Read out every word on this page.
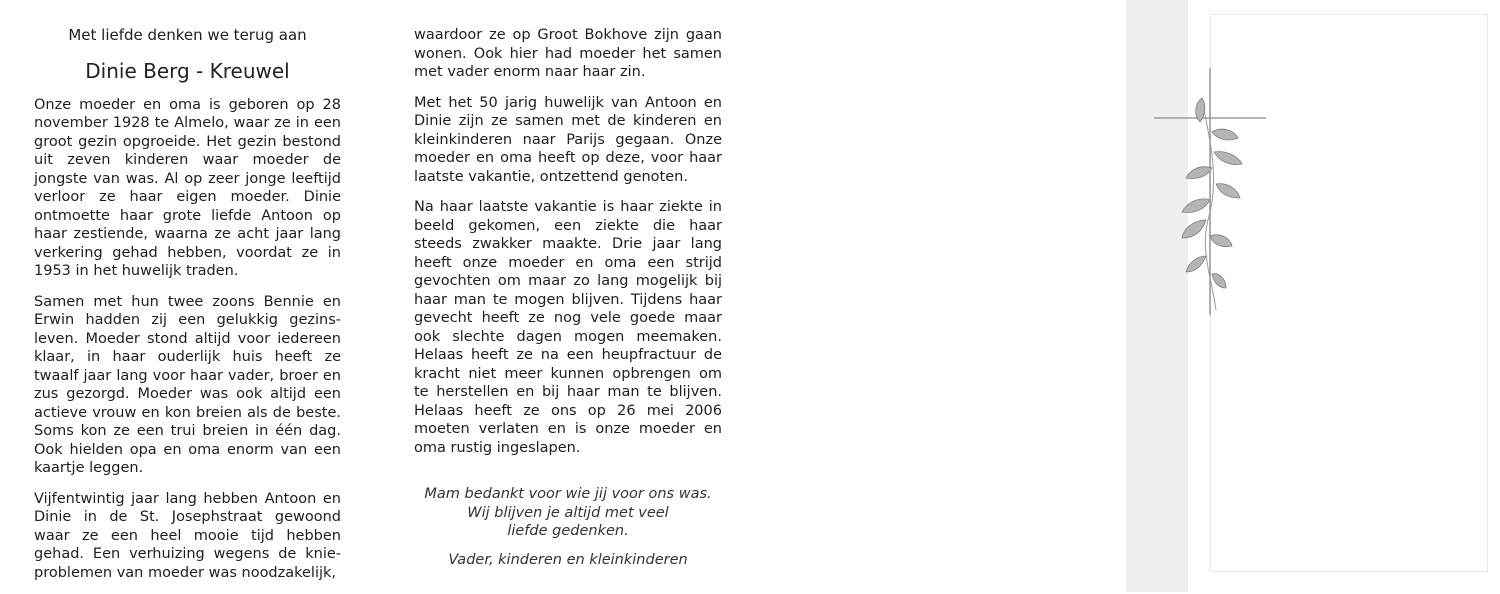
Met liefde denken we terug aan

Dinie Berg - Kreuwel

Onze moeder en oma is geboren op 28 november 1928 te Almelo, waar ze in een groot gezin opgroeide. Het gezin bestond uit zeven kinderen waar moeder de jongste van was. Al op zeer jonge leeftijd verloor ze haar eigen moeder. Dinie ontmoette haar grote liefde Antoon op haar zestiende, waarna ze acht jaar lang verkering gehad hebben, voordat ze in 1953 in het huwelijk traden.

Samen met hun twee zoons Bennie en Erwin hadden zij een gelukkig gezinsleven. Moeder stond altijd voor iedereen klaar, in haar ouderlijk huis heeft ze twaalf jaar lang voor haar vader, broer en zus gezorgd. Moeder was ook altijd een actieve vrouw en kon breien als de beste. Soms kon ze een trui breien in één dag. Ook hielden opa en oma enorm van een kaartje leggen.

Vijfentwintig jaar lang hebben Antoon en Dinie in de St. Josephstraat gewoond waar ze een heel mooie tijd hebben gehad. Een verhuizing wegens de knieproblemen van moeder was noodzakelijk,

waardoor ze op Groot Bokhove zijn gaan wonen. Ook hier had moeder het samen met vader enorm naar haar zin.

Met het 50 jarig huwelijk van Antoon en Dinie zijn ze samen met de kinderen en kleinkinderen naar Parijs gegaan. Onze moeder en oma heeft op deze, voor haar laatste vakantie, ontzettend genoten.

Na haar laatste vakantie is haar ziekte in beeld gekomen, een ziekte die haar steeds zwakker maakte. Drie jaar lang heeft onze moeder en oma een strijd gevochten om maar zo lang mogelijk bij haar man te mogen blijven. Tijdens haar gevecht heeft ze nog vele goede maar ook slechte dagen mogen meemaken. Helaas heeft ze na een heupfractuur de kracht niet meer kunnen opbrengen om te herstellen en bij haar man te blijven. Helaas heeft ze ons op 26 mei 2006 moeten verlaten en is onze moeder en oma rustig ingeslapen.

Mam bedankt voor wie jij voor ons was.
Wij blijven je altijd met veel
liefde gedenken.
Vader, kinderen en kleinkinderen
